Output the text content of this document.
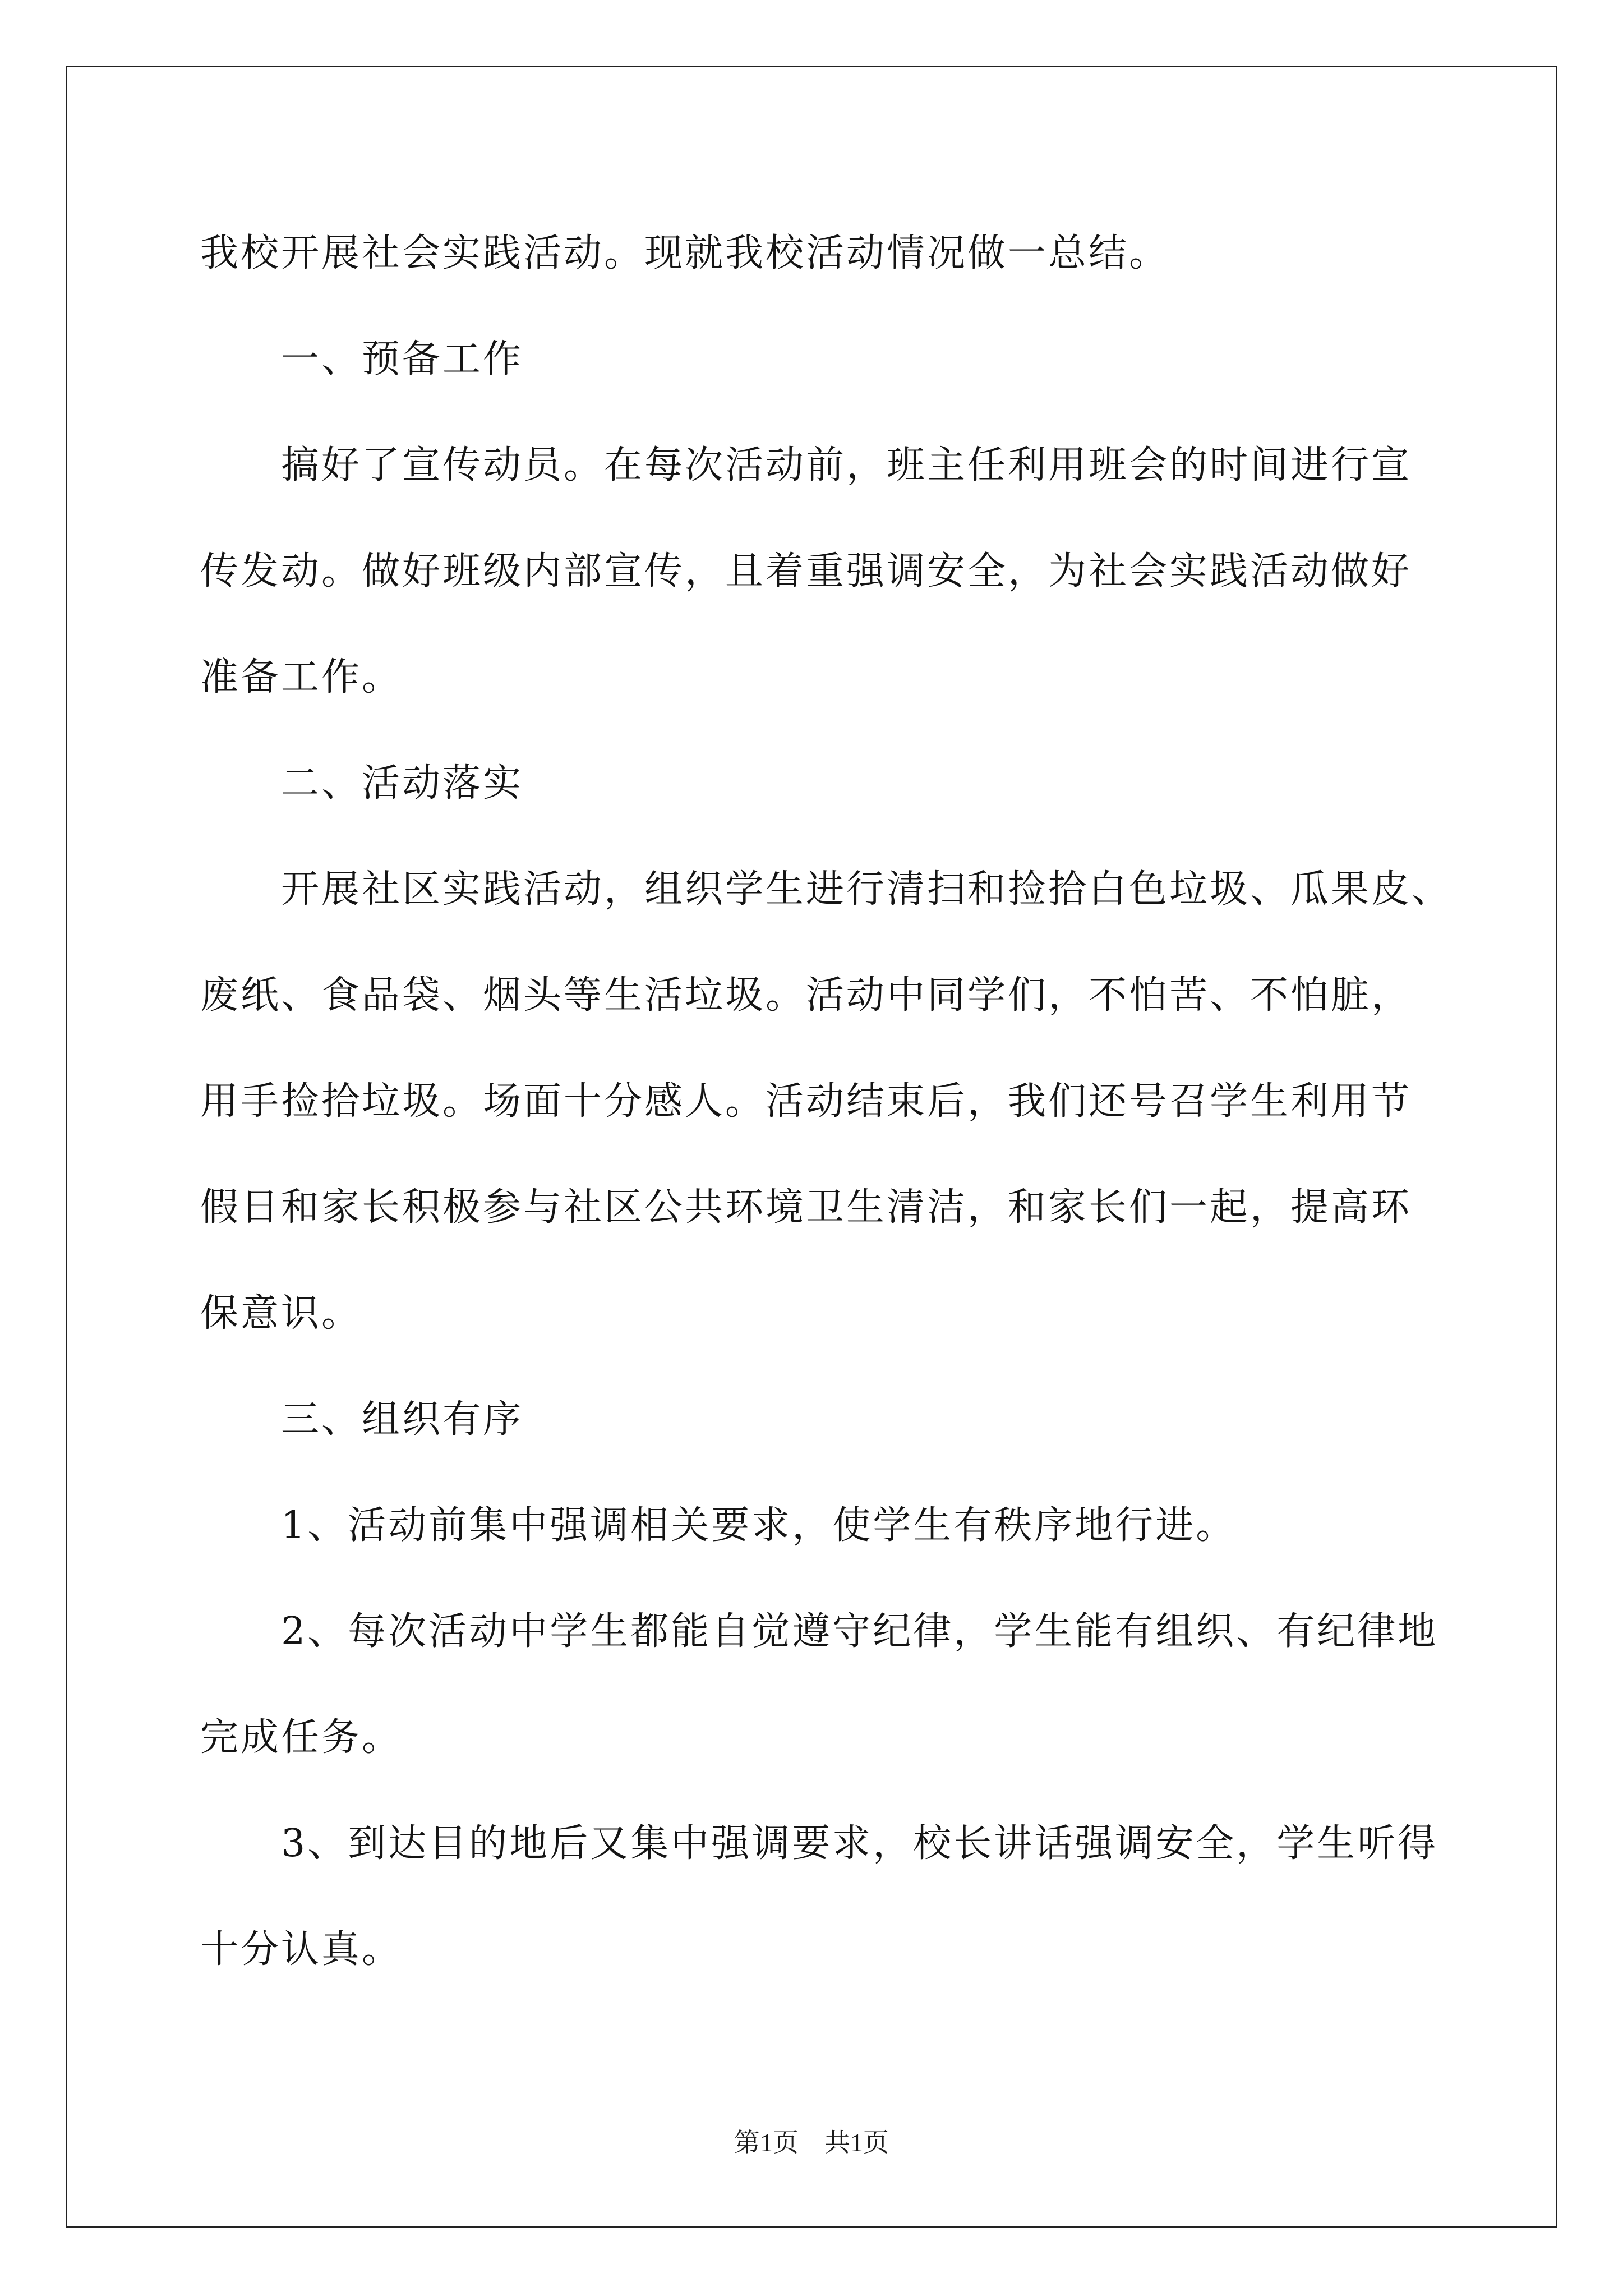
我校开展社会实践活动。现就我校活动情况做一总结。
一、预备工作
搞好了宣传动员。在每次活动前，班主任利用班会的时间进行宣
传发动。做好班级内部宣传，且着重强调安全，为社会实践活动做好
准备工作。
二、活动落实
开展社区实践活动，组织学生进行清扫和捡拾白色垃圾、瓜果皮、
废纸、食品袋、烟头等生活垃圾。活动中同学们，不怕苦、不怕脏，
用手捡拾垃圾。场面十分感人。活动结束后，我们还号召学生利用节
假日和家长积极参与社区公共环境卫生清洁，和家长们一起，提高环
保意识。
三、组织有序
1、活动前集中强调相关要求，使学生有秩序地行进。
2、每次活动中学生都能自觉遵守纪律，学生能有组织、有纪律地
完成任务。
3、到达目的地后又集中强调要求，校长讲话强调安全，学生听得
十分认真。
第1页 共1页
